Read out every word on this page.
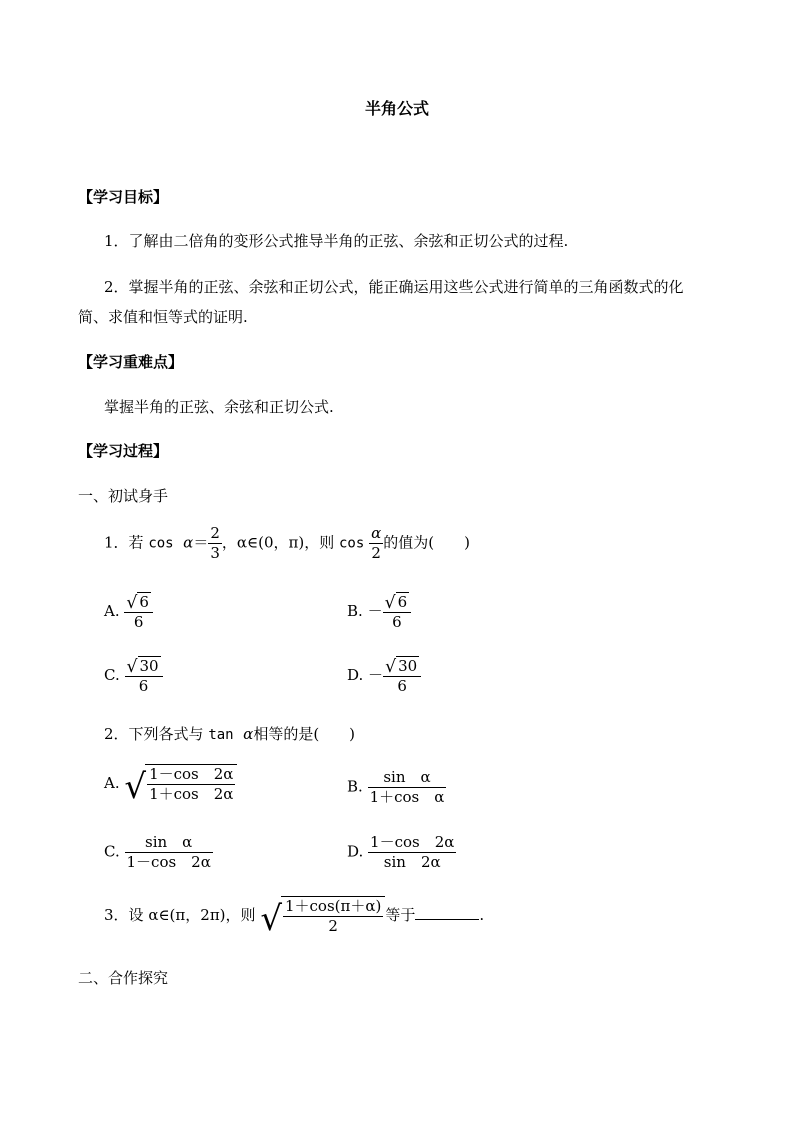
半角公式
【学习目标】
1．了解由二倍角的变形公式推导半角的正弦、余弦和正切公式的过程.
2．掌握半角的正弦、余弦和正切公式，能正确运用这些公式进行简单的三角函数式的化
简、求值和恒等式的证明.
【学习重难点】
掌握半角的正弦、余弦和正切公式.
【学习过程】
一、初试身手
1．若 $\cos \alpha= \frac{2}{3}$ ，α∈(0，π)，则 $\cos \frac{\alpha}{2}$ 的值为(　　)
A. $\frac{√ 6}{6}$	B. － $\frac{√ 6}{6}$
C. $\frac{√ 30}{6}$	D. － $\frac{√ 30}{6}$
2．下列各式与 tan α相等的是(　　)
A. √ $\frac{1-\cos 2\alpha}{1+\cos 2\alpha}$	B. $\frac{\text{sin　α}}{\text{1＋cos　α}}$
C. $\frac{\text{sin　α}}{1-\cos 2\alpha}$	D. $\frac{1-\cos 2\alpha}{\sin 2\alpha}$
3．设 α∈(π，2π)，则 √ $\frac{1+\cos(\pi+\alpha)}{2}$ 等于	.
二、合作探究
